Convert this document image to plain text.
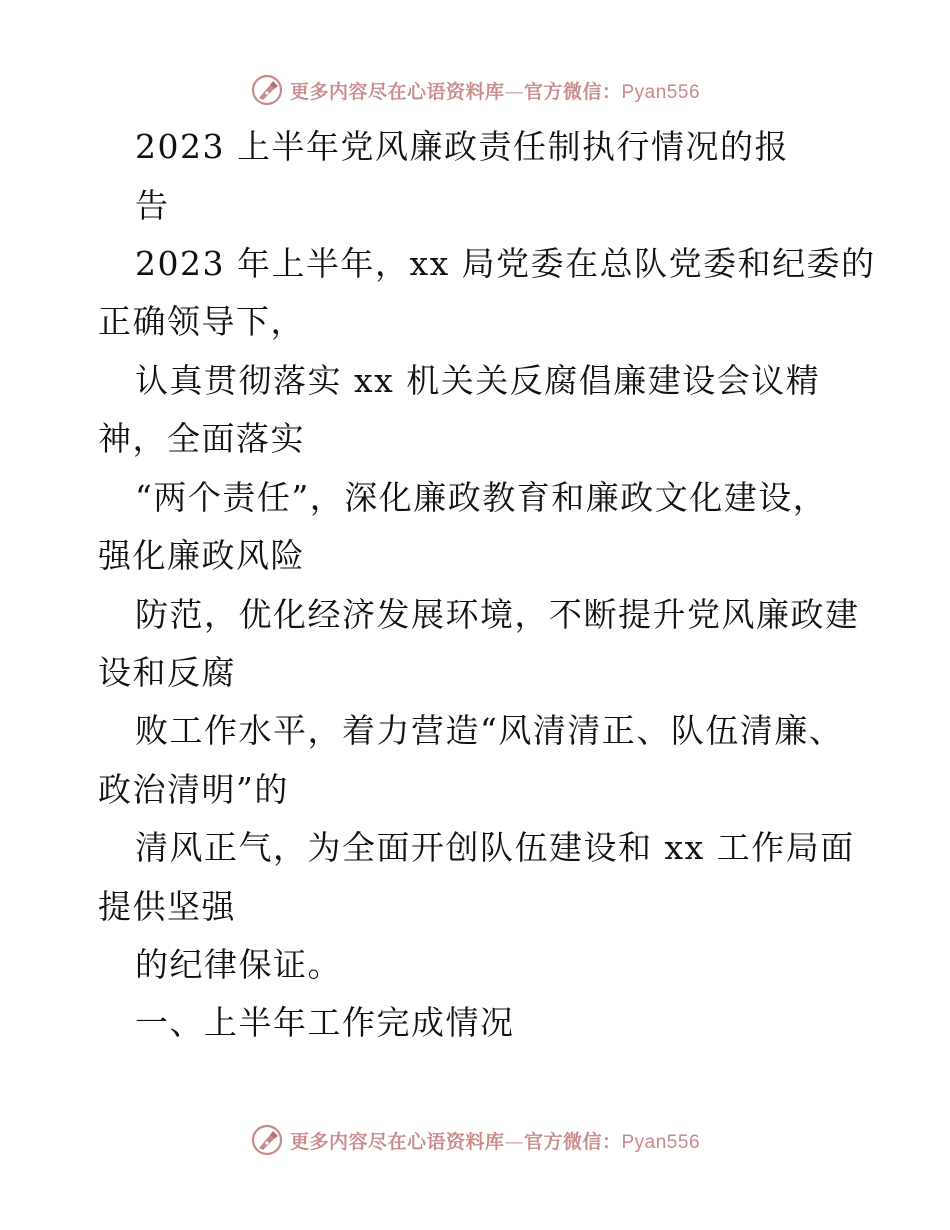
更多内容尽在心语资料库—官方微信：Pyan556
2023 上半年党风廉政责任制执行情况的报
告
2023 年上半年，xx 局党委在总队党委和纪委的
正确领导下，
认真贯彻落实 xx 机关关反腐倡廉建设会议精
神，全面落实
“两个责任”，深化廉政教育和廉政文化建设，
强化廉政风险
防范，优化经济发展环境，不断提升党风廉政建
设和反腐
败工作水平，着力营造“风清清正、队伍清廉、
政治清明”的
清风正气，为全面开创队伍建设和 xx 工作局面
提供坚强
的纪律保证。
一、上半年工作完成情况
更多内容尽在心语资料库—官方微信：Pyan556
